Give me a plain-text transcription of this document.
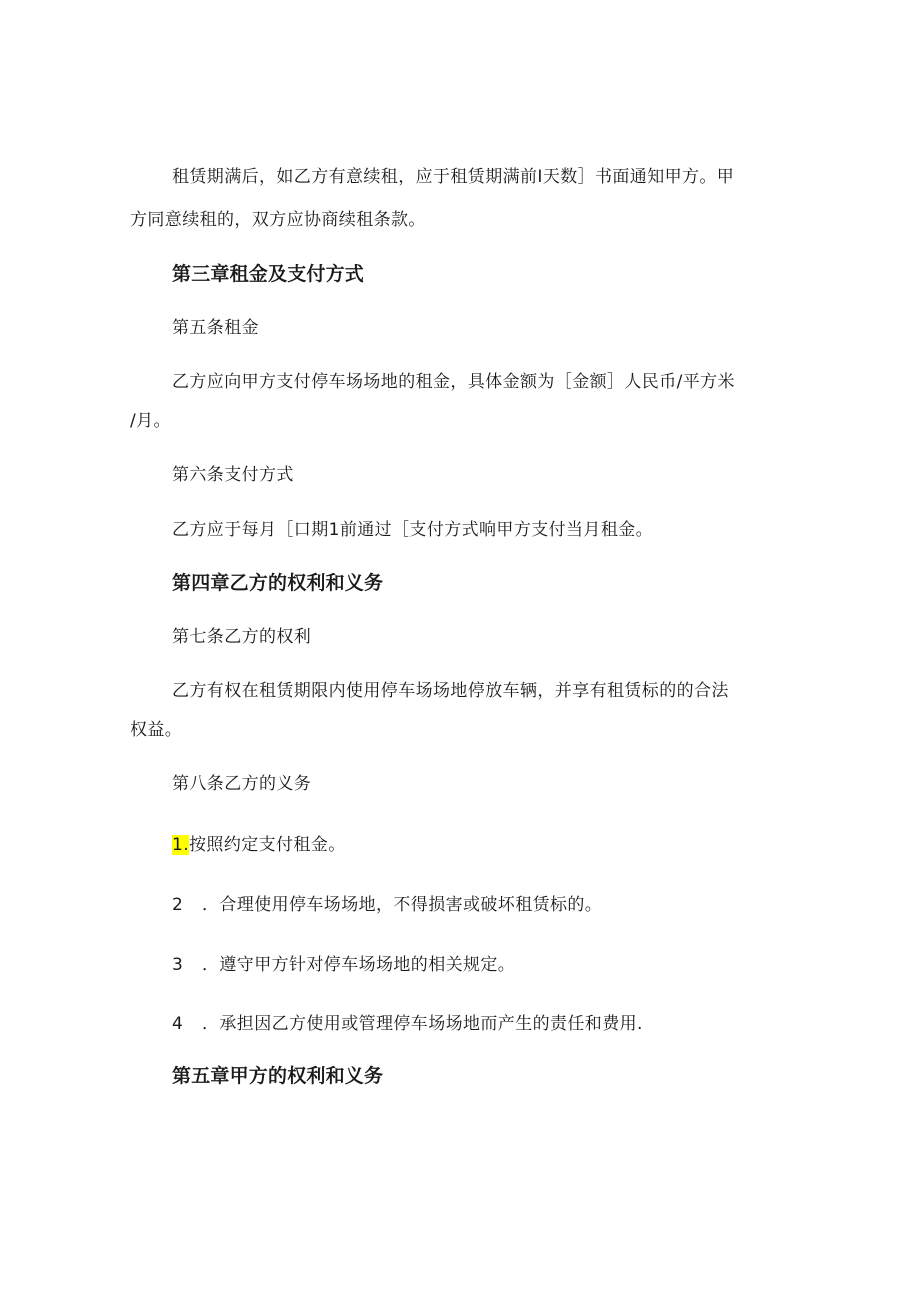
租赁期满后，如乙方有意续租，应于租赁期满前I天数］书面通知甲方。甲
方同意续租的，双方应协商续租条款。
第三章租金及支付方式
第五条租金
乙方应向甲方支付停车场场地的租金，具体金额为［金额］人民币/平方米
/月。
第六条支付方式
乙方应于每月［口期1前通过［支付方式响甲方支付当月租金。
第四章乙方的权利和义务
第七条乙方的权利
乙方有权在租赁期限内使用停车场场地停放车辆，并享有租赁标的的合法
权益。
第八条乙方的义务
1.按照约定支付租金。
2 ．合理使用停车场场地，不得损害或破坏租赁标的。
3 ．遵守甲方针对停车场场地的相关规定。
4 ．承担因乙方使用或管理停车场场地而产生的责任和费用.
第五章甲方的权利和义务
